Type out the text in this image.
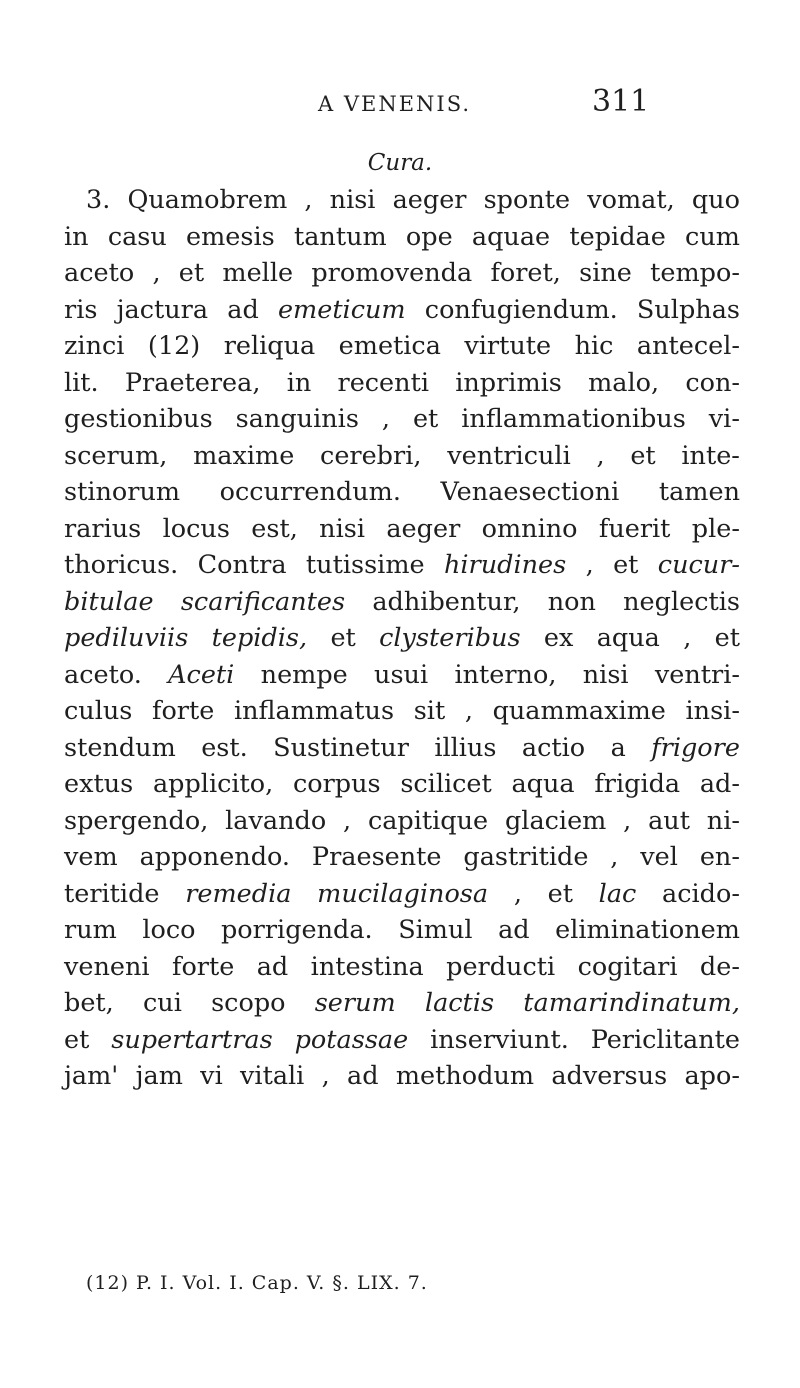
A VENENIS.	311
Cura.
3. Quamobrem , nisi aeger sponte vomat, quo
in casu emesis tantum ope aquae tepidae cum
aceto , et melle promovenda foret, sine tempo-
ris jactura ad emeticum confugiendum. Sulphas
zinci (12) reliqua emetica virtute hic antecel-
lit. Praeterea, in recenti inprimis malo, con-
gestionibus sanguinis , et inflammationibus vi-
scerum, maxime cerebri, ventriculi , et inte-
stinorum occurrendum. Venaesectioni tamen
rarius locus est, nisi aeger omnino fuerit ple-
thoricus. Contra tutissime hirudines , et cucur-
bitulae scarificantes adhibentur, non neglectis
pediluviis tepidis, et clysteribus ex aqua , et
aceto. Aceti nempe usui interno, nisi ventri-
culus forte inflammatus sit , quammaxime insi-
stendum est. Sustinetur illius actio a frigore
extus applicito, corpus scilicet aqua frigida ad-
spergendo, lavando , capitique glaciem , aut ni-
vem apponendo. Praesente gastritide , vel en-
teritide remedia mucilaginosa , et lac acido-
rum loco porrigenda. Simul ad eliminationem
veneni forte ad intestina perducti cogitari de-
bet, cui scopo serum lactis tamarindinatum,
et supertartras potassae inserviunt. Periclitante
jam' jam vi vitali , ad methodum adversus apo-
(12) P. I. Vol. I. Cap. V. §. LIX. 7.
